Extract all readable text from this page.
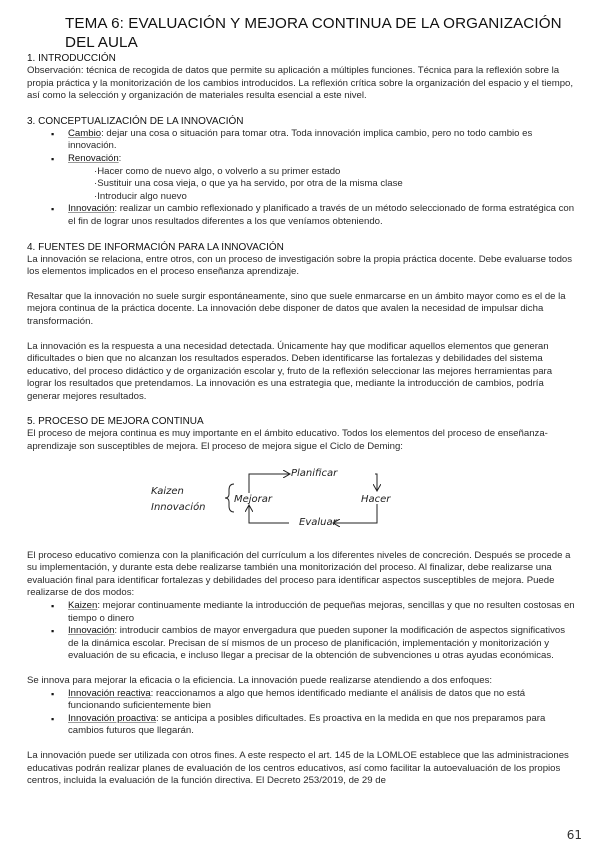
TEMA 6: EVALUACIÓN Y MEJORA CONTINUA DE LA ORGANIZACIÓN DEL AULA
1. INTRODUCCIÓN

Observación: técnica de recogida de datos que permite su aplicación a múltiples funciones. Técnica para la reflexión sobre la propia práctica y la monitorización de los cambios introducidos. La reflexión crítica sobre la organización del espacio y el tiempo, así como la selección y organización de materiales resulta esencial a este nivel.

3. CONCEPTUALIZACIÓN DE LA INNOVACIÓN
▪ Cambio: dejar una cosa o situación para tomar otra. Toda innovación implica cambio, pero no todo cambio es innovación.
▪ Renovación:
· Hacer como de nuevo algo, o volverlo a su primer estado
· Sustituir una cosa vieja, o que ya ha servido, por otra de la misma clase
· Introducir algo nuevo
▪ Innovación: realizar un cambio reflexionado y planificado a través de un método seleccionado de forma estratégica con el fin de lograr unos resultados diferentes a los que veníamos obteniendo.
4. FUENTES DE INFORMACIÓN PARA LA INNOVACIÓN

La innovación se relaciona, entre otros, con un proceso de investigación sobre la propia práctica docente. Debe evaluarse todos los elementos implicados en el proceso enseñanza aprendizaje.

Resaltar que la innovación no suele surgir espontáneamente, sino que suele enmarcarse en un ámbito mayor como es el de la mejora continua de la práctica docente. La innovación debe disponer de datos que avalen la necesidad de impulsar dicha transformación.

La innovación es la respuesta a una necesidad detectada. Únicamente hay que modificar aquellos elementos que generan dificultades o bien que no alcanzan los resultados esperados. Deben identificarse las fortalezas y debilidades del sistema educativo, del proceso didáctico y de organización escolar y, fruto de la reflexión seleccionar las mejores herramientas para lograr los resultados que pretendamos. La innovación es una estrategia que, mediante la introducción de cambios, podría generar mejores resultados.

5. PROCESO DE MEJORA CONTINUA

El proceso de mejora continua es muy importante en el ámbito educativo. Todos los elementos del proceso de enseñanza-aprendizaje son susceptibles de mejora. El proceso de mejora sigue el Ciclo de Deming:

Planificar
Hacer
Evaluar
Mejorar
Kaizen
Innovación

El proceso educativo comienza con la planificación del currículum a los diferentes niveles de concreción. Después se procede a su implementación, y durante esta debe realizarse también una monitorización del proceso. Al finalizar, debe realizarse una evaluación final para identificar fortalezas y debilidades del proceso para identificar aspectos susceptibles de mejora. Puede realizarse de dos modos:

▪ Kaizen: mejorar continuamente mediante la introducción de pequeñas mejoras, sencillas y que no resulten costosas en tiempo o dinero
▪ Innovación: introducir cambios de mayor envergadura que pueden suponer la modificación de aspectos significativos de la dinámica escolar. Precisan de sí mismos de un proceso de planificación, implementación y monitorización y evaluación de su eficacia, e incluso llegar a precisar de la obtención de subvenciones u otras ayudas económicas.

Se innova para mejorar la eficacia o la eficiencia. La innovación puede realizarse atendiendo a dos enfoques:

▪ Innovación reactiva: reaccionamos a algo que hemos identificado mediante el análisis de datos que no está funcionando suficientemente bien
▪ Innovación proactiva: se anticipa a posibles dificultades. Es proactiva en la medida en que nos preparamos para cambios futuros que llegarán.

La innovación puede ser utilizada con otros fines. A este respecto el art. 145 de la LOMLOE establece que las administraciones educativas podrán realizar planes de evaluación de los centros educativos, así como facilitar la autoevaluación de los propios centros, incluida la evaluación de la función directiva. El Decreto 253/2019, de 29 de

61
